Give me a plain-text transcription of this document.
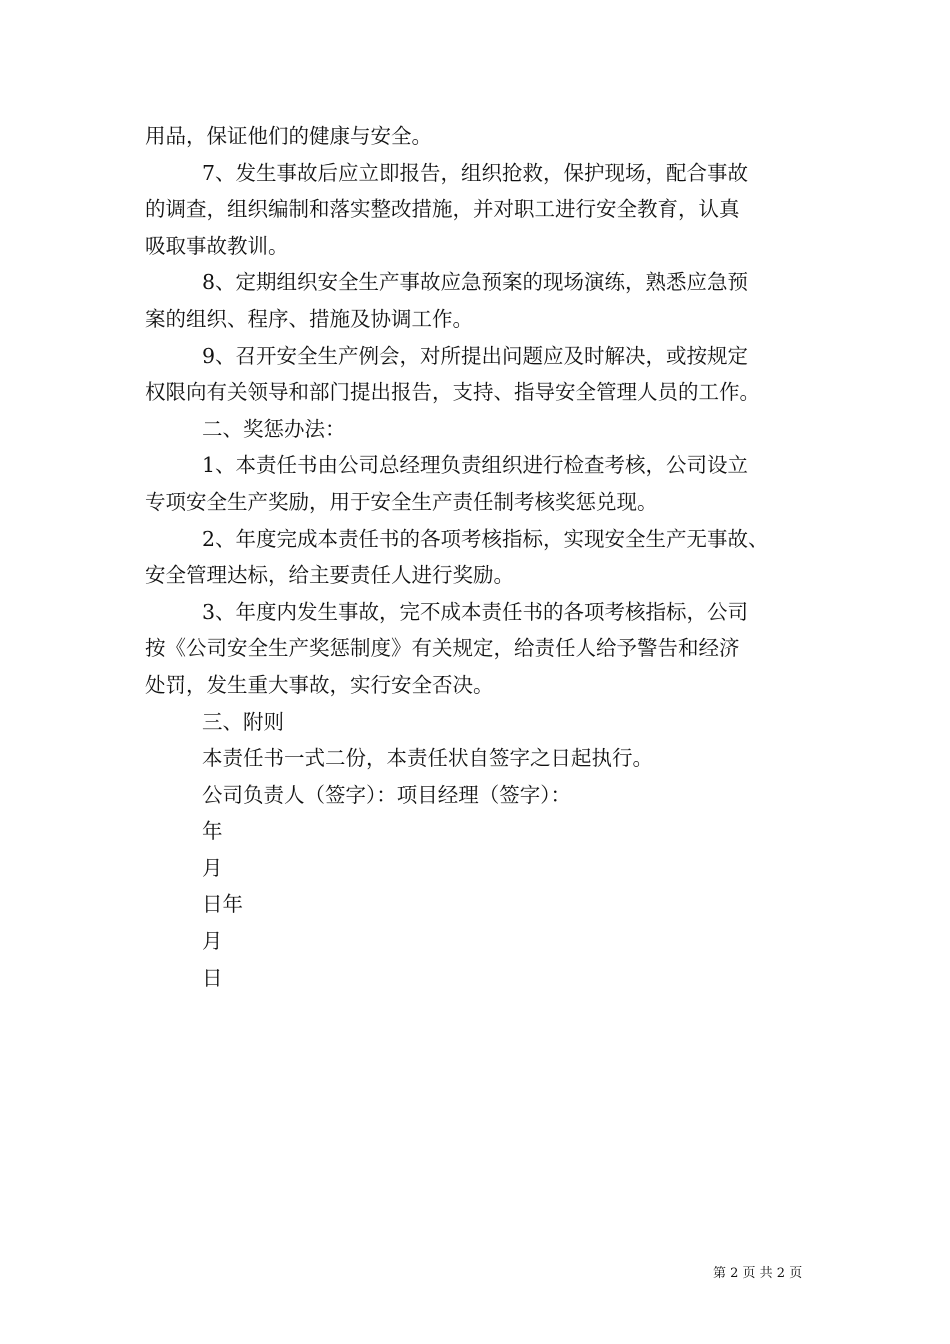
用品，保证他们的健康与安全。
7、发生事故后应立即报告，组织抢救，保护现场，配合事故
的调查，组织编制和落实整改措施，并对职工进行安全教育，认真
吸取事故教训。
8、定期组织安全生产事故应急预案的现场演练，熟悉应急预
案的组织、程序、措施及协调工作。
9、召开安全生产例会，对所提出问题应及时解决，或按规定
权限向有关领导和部门提出报告，支持、指导安全管理人员的工作。
二、奖惩办法：
1、本责任书由公司总经理负责组织进行检查考核，公司设立
专项安全生产奖励，用于安全生产责任制考核奖惩兑现。
2、年度完成本责任书的各项考核指标，实现安全生产无事故、
安全管理达标，给主要责任人进行奖励。
3、年度内发生事故，完不成本责任书的各项考核指标，公司
按《公司安全生产奖惩制度》有关规定，给责任人给予警告和经济
处罚，发生重大事故，实行安全否决。
三、附则
本责任书一式二份，本责任状自签字之日起执行。
公司负责人（签字）：项目经理（签字）：
年
月
日年
月
日
第 2 页 共 2 页
